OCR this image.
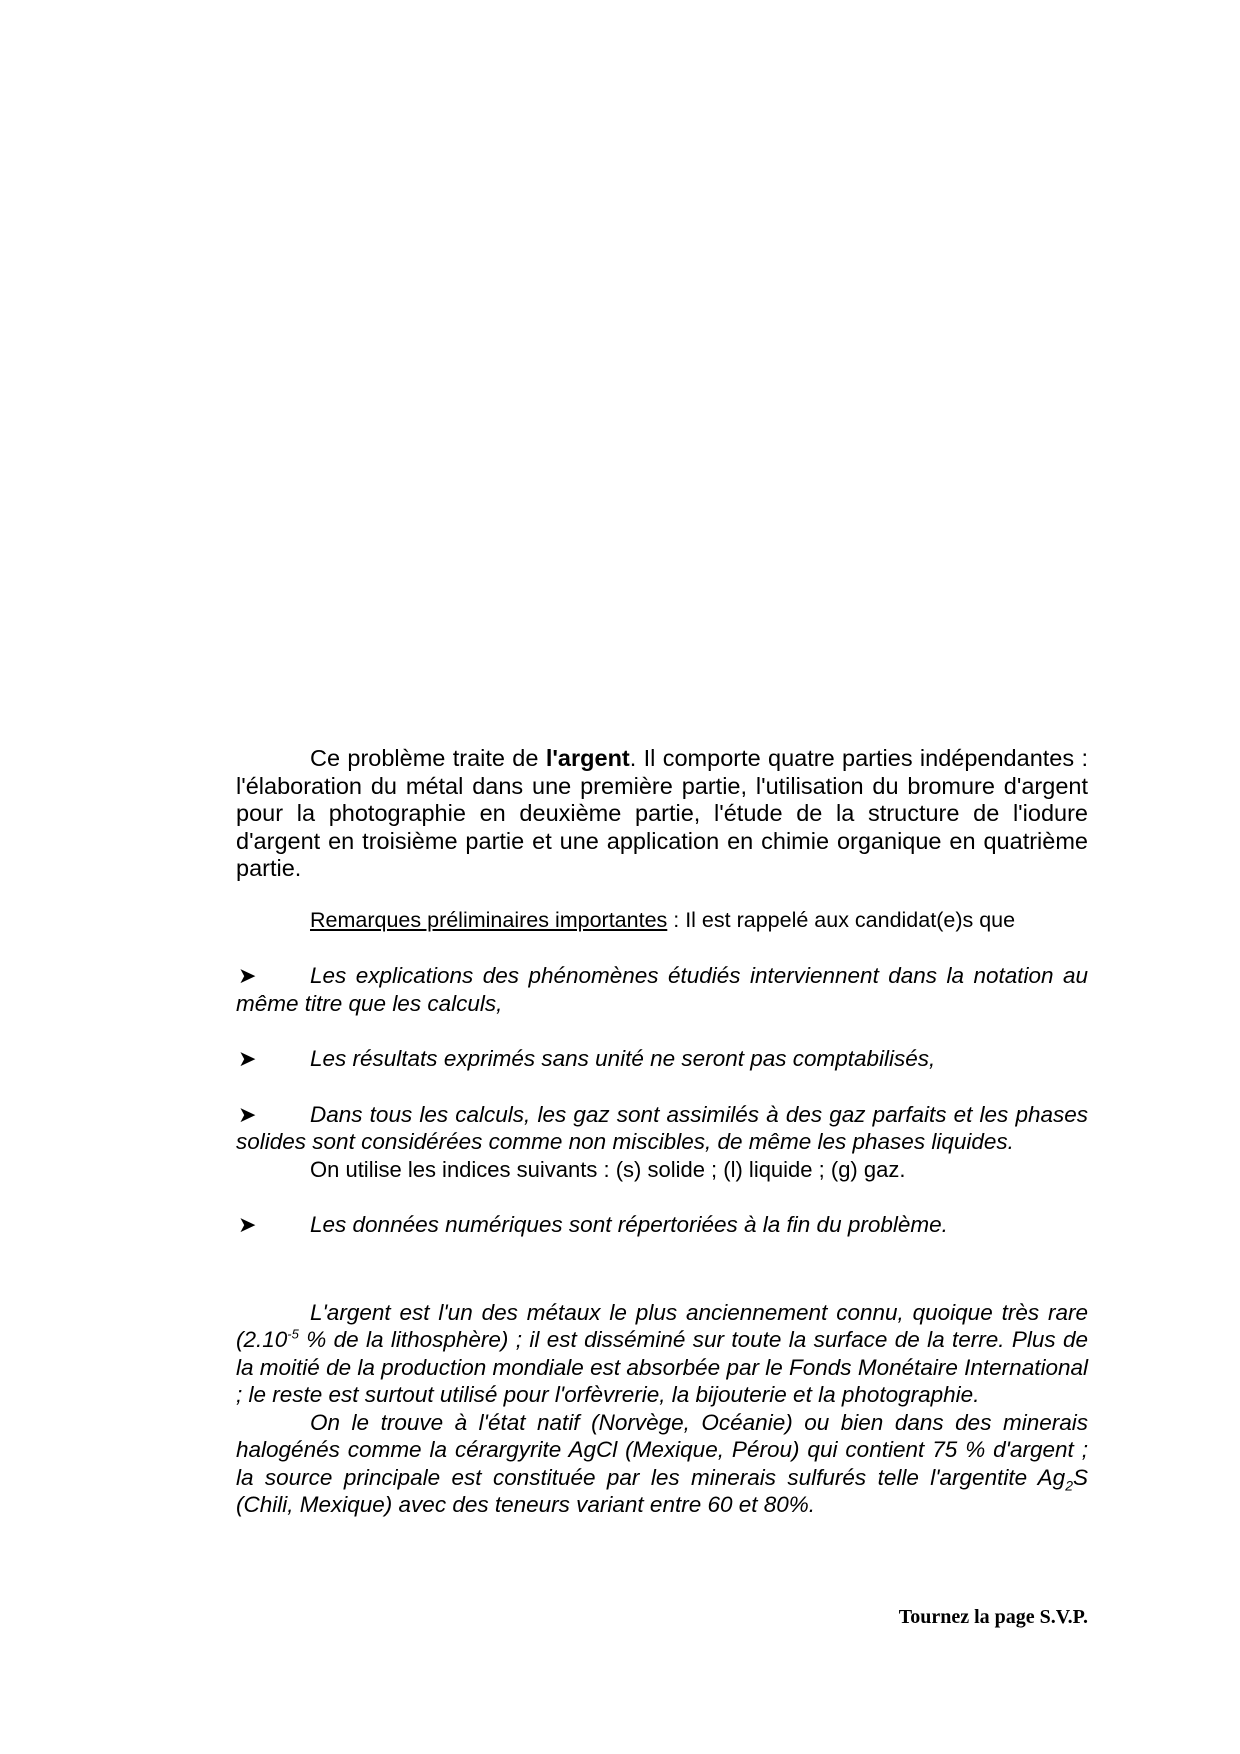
Ce problème traite de l'argent. Il comporte quatre parties indépendantes : l'élaboration du métal dans une première partie, l'utilisation du bromure d'argent pour la photographie en deuxième partie, l'étude de la structure de l'iodure d'argent en troisième partie et une application en chimie organique en quatrième partie.

Remarques préliminaires importantes : Il est rappelé aux candidat(e)s que

➤	Les explications des phénomènes étudiés interviennent dans la notation au même titre que les calculs,

➤	Les résultats exprimés sans unité ne seront pas comptabilisés,

➤	Dans tous les calculs, les gaz sont assimilés à des gaz parfaits et les phases solides sont considérées comme non miscibles, de même les phases liquides.

On utilise les indices suivants : (s) solide ; (l) liquide ; (g) gaz.

➤	Les données numériques sont répertoriées à la fin du problème.

L'argent est l'un des métaux le plus anciennement connu, quoique très rare ($2.10^{-5}$ % de la lithosphère) ; il est disséminé sur toute la surface de la terre. Plus de la moitié de la production mondiale est absorbée par le Fonds Monétaire International ; le reste est surtout utilisé pour l'orfèvrerie, la bijouterie et la photographie.

On le trouve à l'état natif (Norvège, Océanie) ou bien dans des minerais halogénés comme la cérargyrite AgCl (Mexique, Pérou) qui contient 75 % d'argent ; la source principale est constituée par les minerais sulfurés telle l'argentite $Ag_2S$ (Chili, Mexique) avec des teneurs variant entre 60 et 80%.

Tournez la page S.V.P.
